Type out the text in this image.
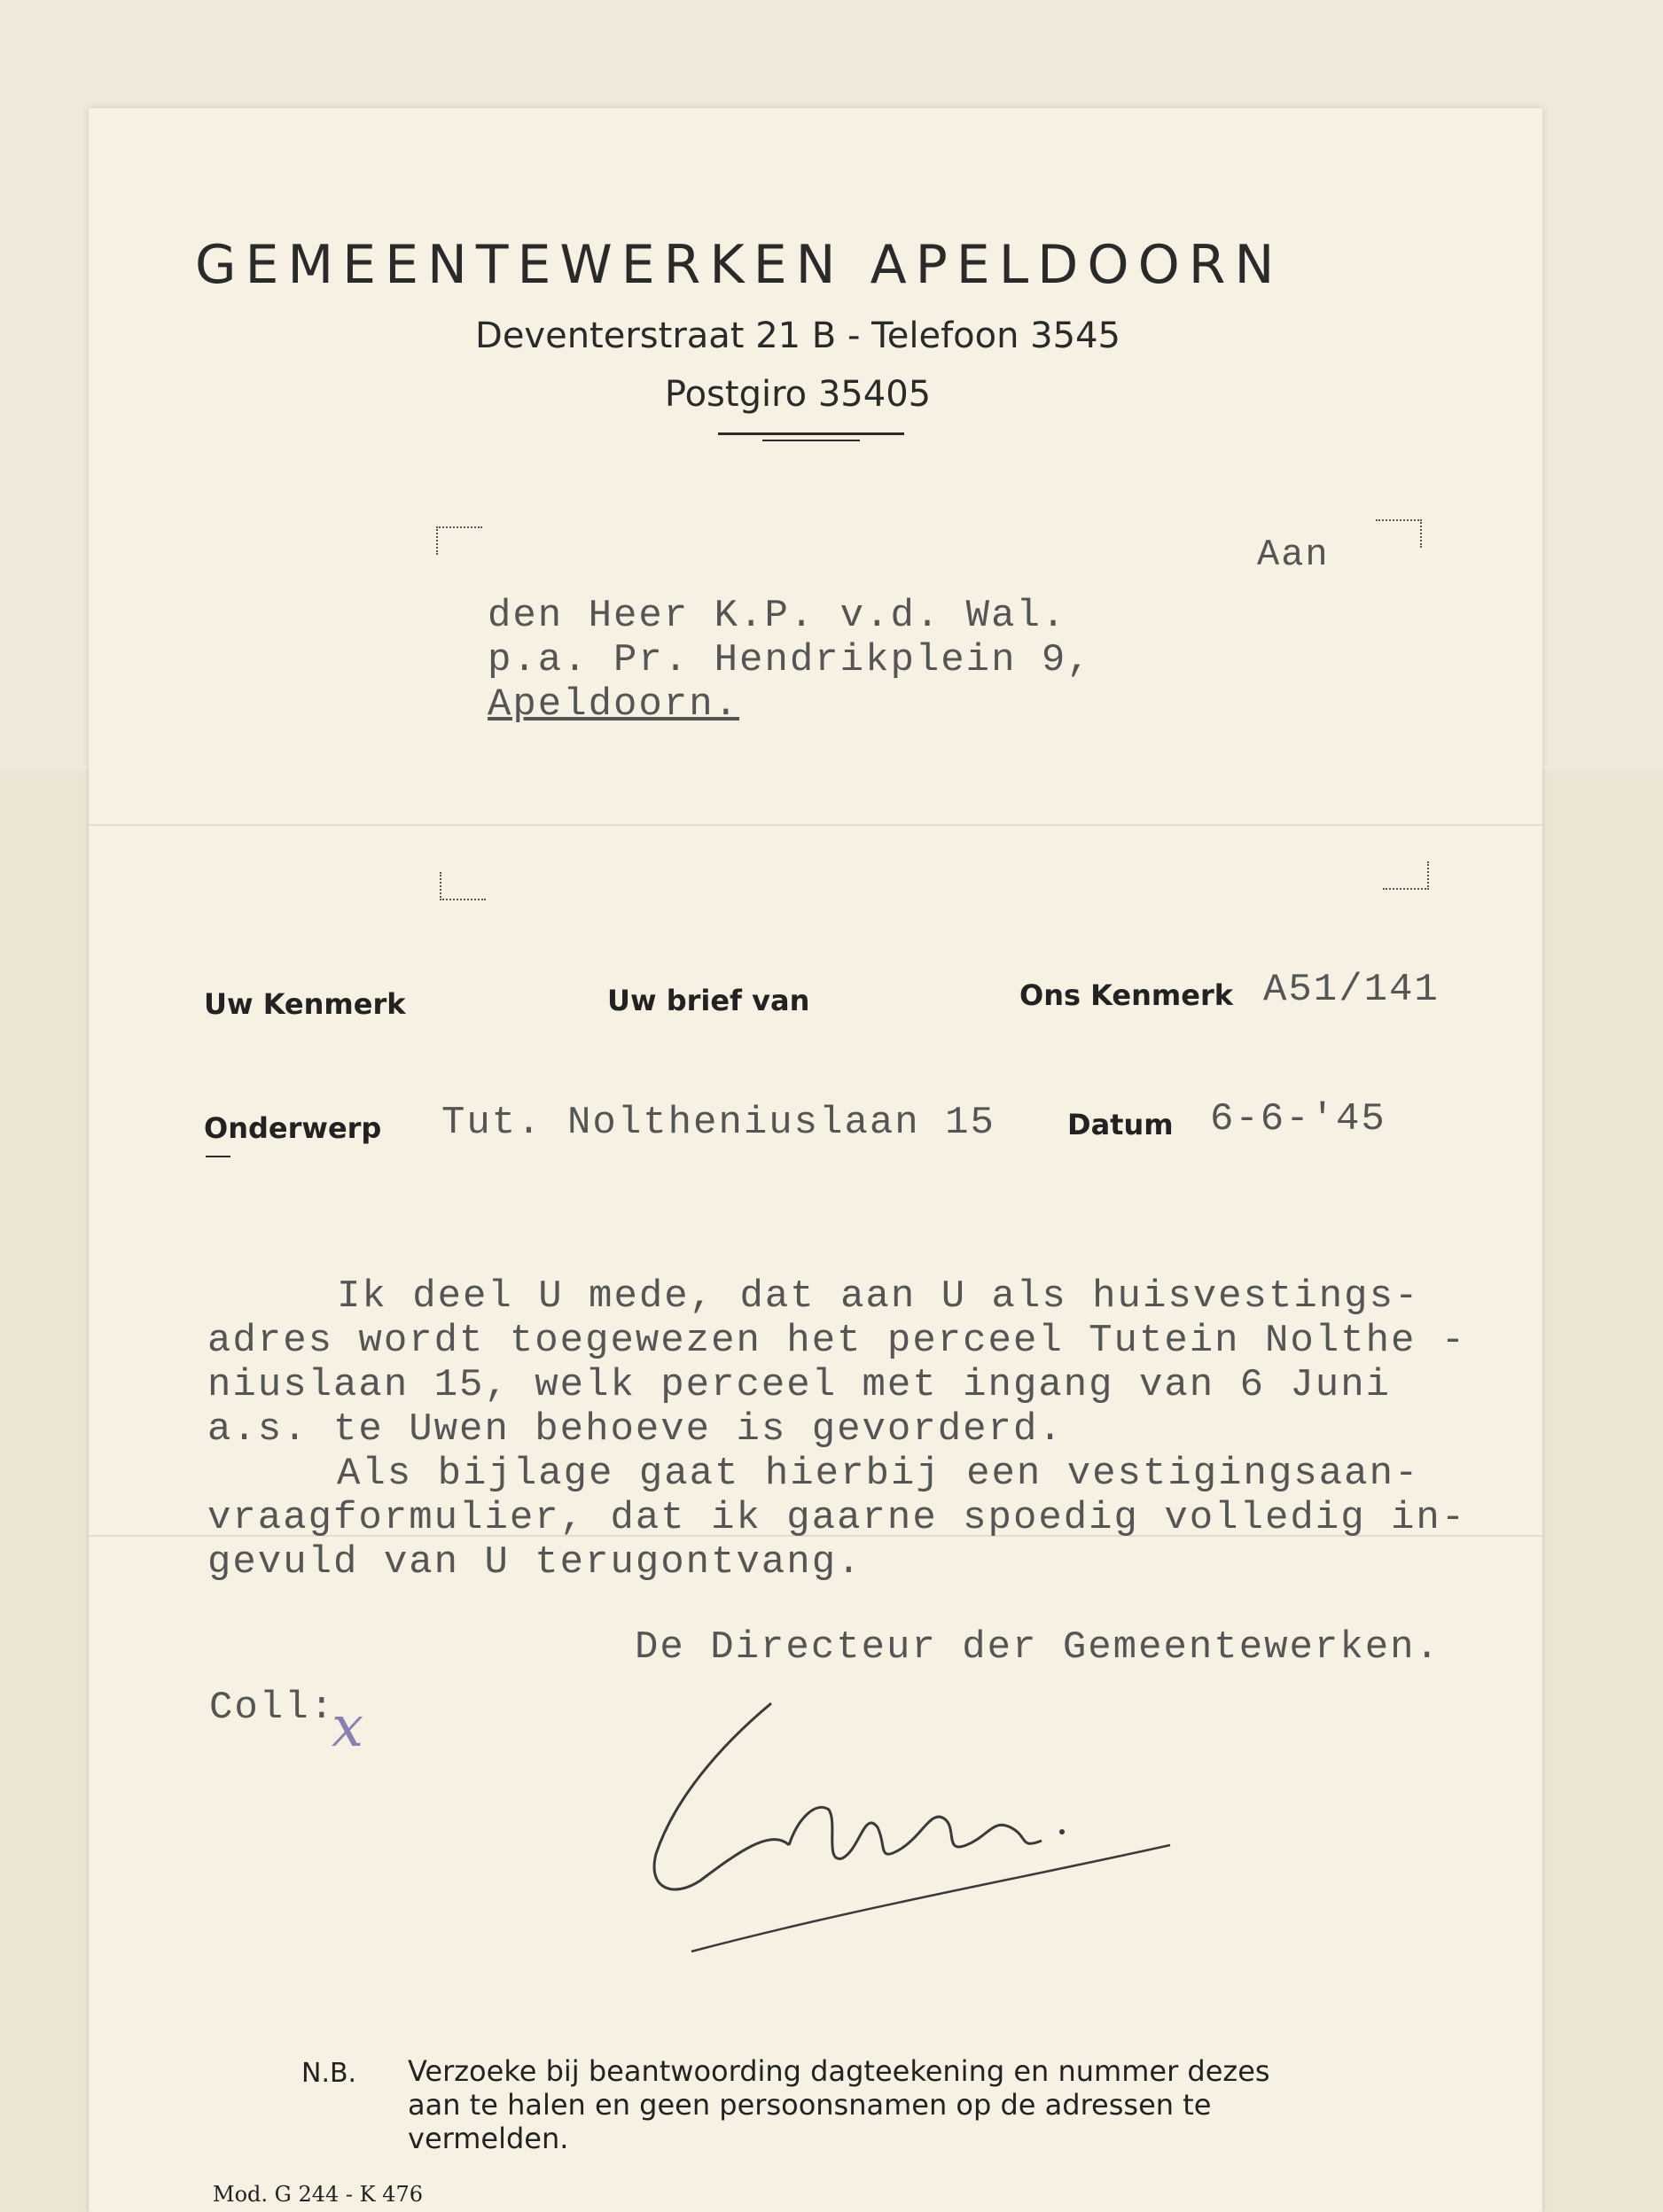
GEMEENTEWERKEN APELDOORN
Deventerstraat 21 B - Telefoon 3545
Postgiro 35405
Aan
den Heer K.P. v.d. Wal.
p.a. Pr. Hendrikplein 9,
Apeldoorn.
Uw Kenmerk	Uw brief van	Ons Kenmerk A51/141
Onderwerp Tut. Noltheniuslaan 15	Datum 6-6-'45
Ik deel U mede, dat aan U als huisvestings-
adres wordt toegewezen het perceel Tutein Nolthe -
niuslaan 15, welk perceel met ingang van 6 Juni
a.s. te Uwen behoeve is gevorderd.
Als bijlage gaat hierbij een vestigingsaan-
vraagformulier, dat ik gaarne spoedig volledig in-
gevuld van U terugontvang.
De Directeur der Gemeentewerken.
Coll:
x
N.B. Verzoeke bij beantwoording dagteekening en nummer dezes
aan te halen en geen persoonsnamen op de adressen te
vermelden.
Mod. G 244 - K 476
